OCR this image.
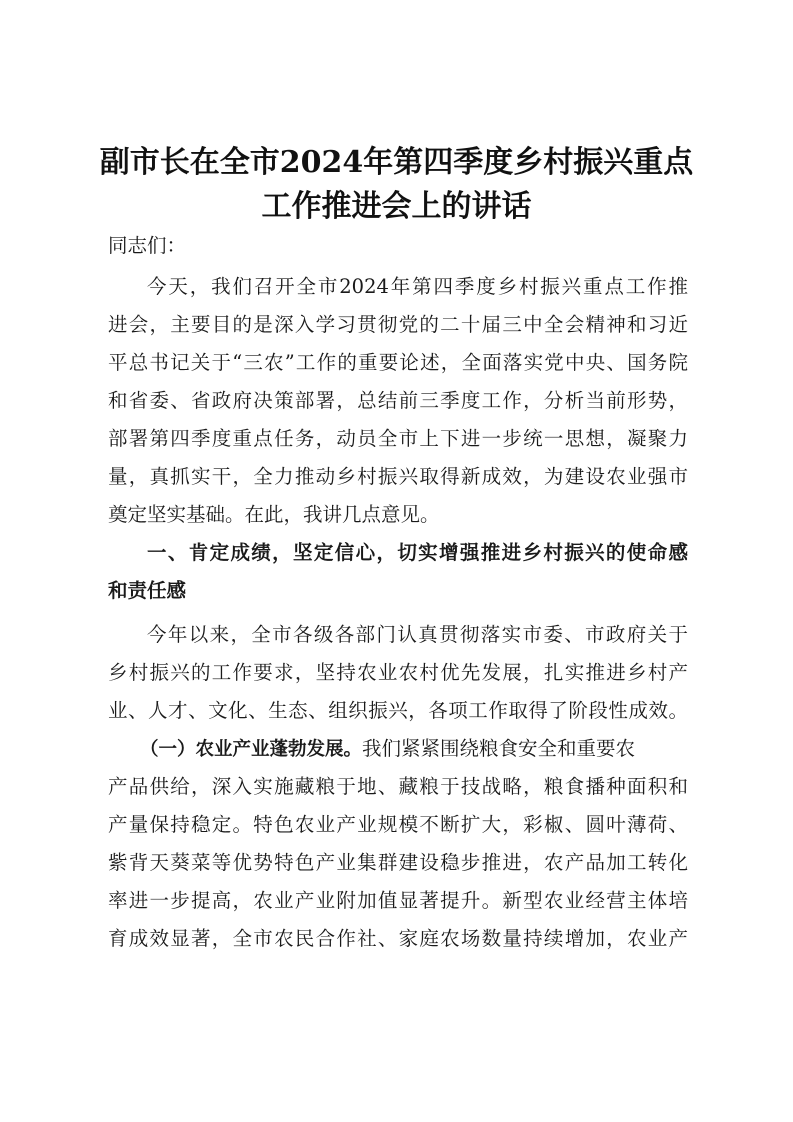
副市长在全市2024年第四季度乡村振兴重点
工作推进会上的讲话

同志们：

今天，我们召开全市2024年第四季度乡村振兴重点工作推

进会，主要目的是深入学习贯彻党的二十届三中全会精神和习近

平总书记关于“三农”工作的重要论述，全面落实党中央、国务院

和省委、省政府决策部署，总结前三季度工作，分析当前形势，

部署第四季度重点任务，动员全市上下进一步统一思想，凝聚力

量，真抓实干，全力推动乡村振兴取得新成效，为建设农业强市

奠定坚实基础。在此，我讲几点意见。

一、肯定成绩，坚定信心，切实增强推进乡村振兴的使命感

和责任感

今年以来，全市各级各部门认真贯彻落实市委、市政府关于

乡村振兴的工作要求，坚持农业农村优先发展，扎实推进乡村产

业、人才、文化、生态、组织振兴，各项工作取得了阶段性成效。

（一）农业产业蓬勃发展。我们紧紧围绕粮食安全和重要农

产品供给，深入实施藏粮于地、藏粮于技战略，粮食播种面积和

产量保持稳定。特色农业产业规模不断扩大，彩椒、圆叶薄荷、

紫背天葵菜等优势特色产业集群建设稳步推进，农产品加工转化

率进一步提高，农业产业附加值显著提升。新型农业经营主体培

育成效显著，全市农民合作社、家庭农场数量持续增加，农业产
